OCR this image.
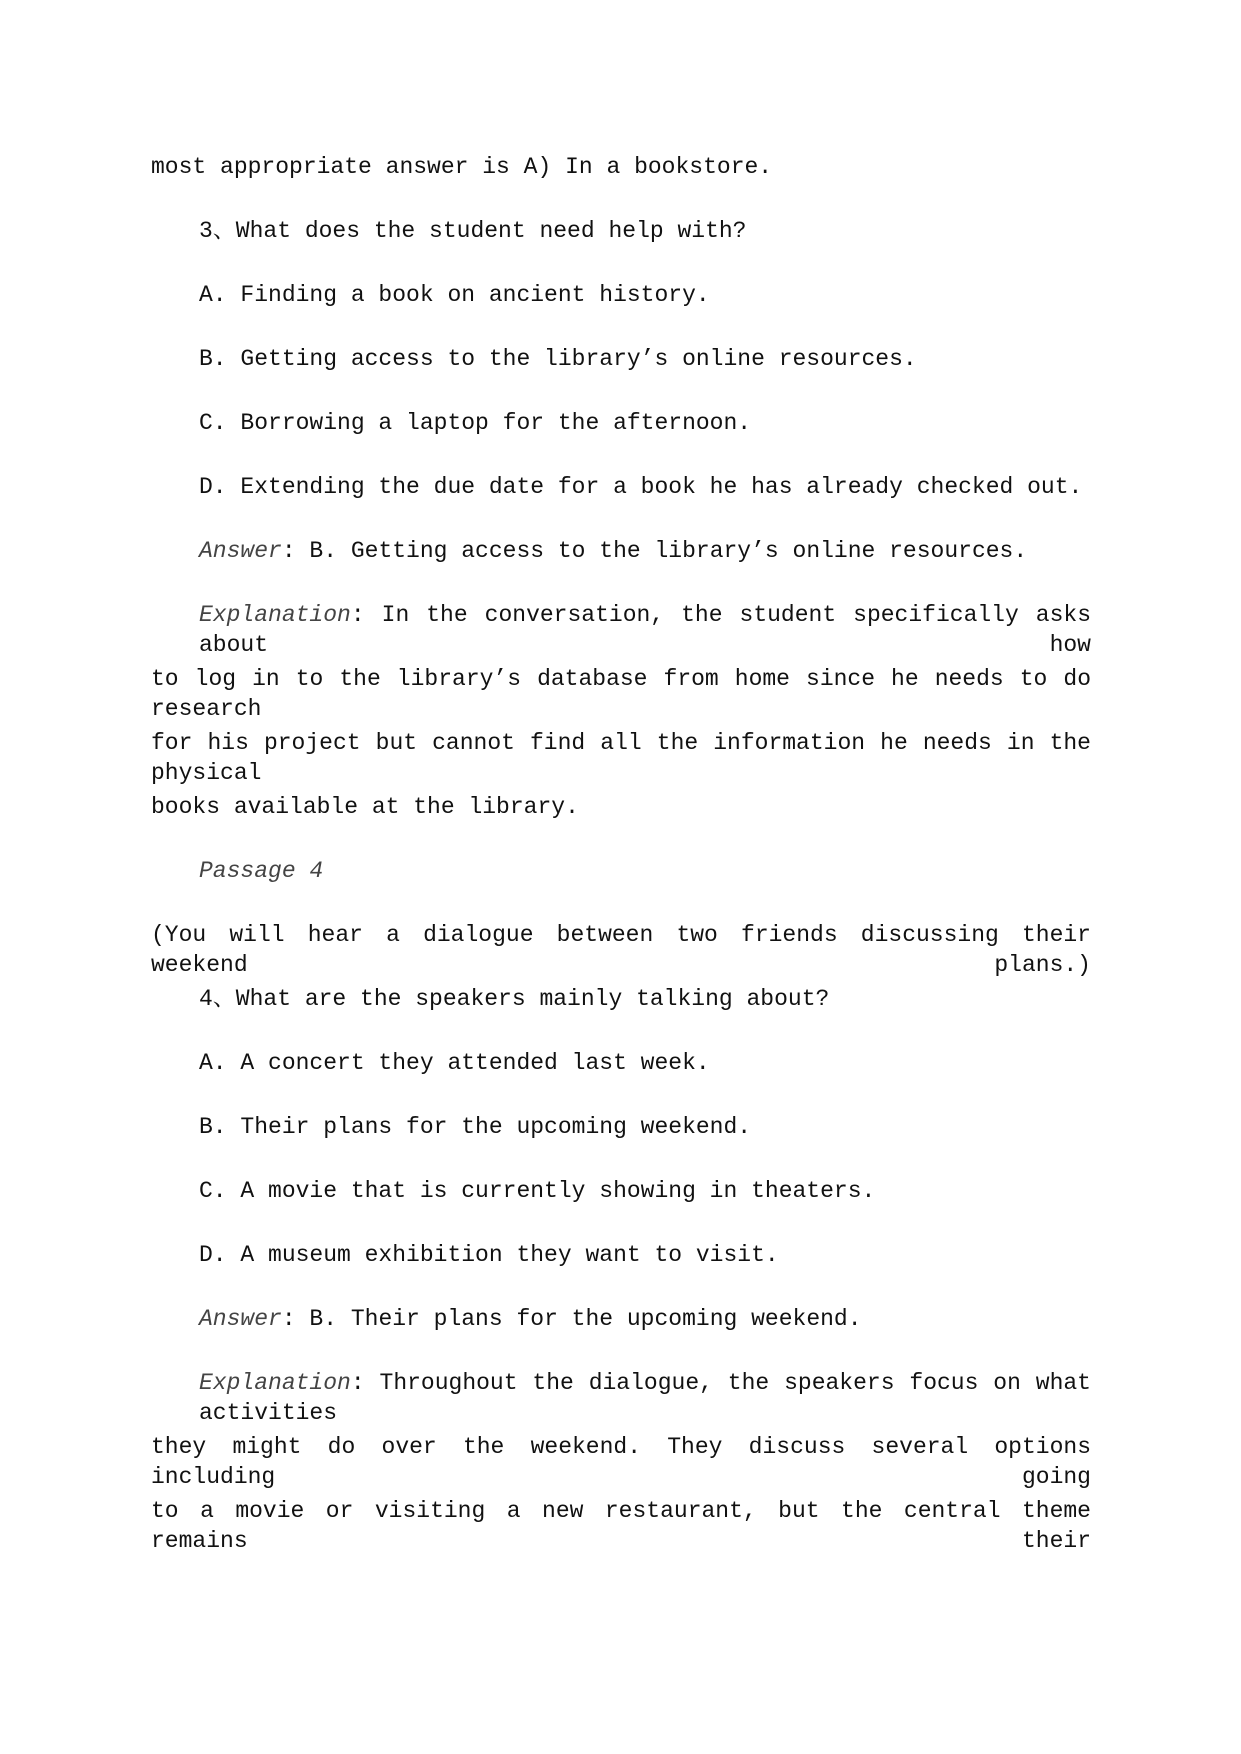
most appropriate answer is A) In a bookstore.

3、What does the student need help with?

A. Finding a book on ancient history.

B. Getting access to the library’s online resources.

C. Borrowing a laptop for the afternoon.

D. Extending the due date for a book he has already checked out.

Answer: B. Getting access to the library’s online resources.

Explanation: In the conversation, the student specifically asks about how

to log in to the library’s database from home since he needs to do research

for his project but cannot find all the information he needs in the physical

books available at the library.

Passage 4

(You will hear a dialogue between two friends discussing their weekend plans.)

4、What are the speakers mainly talking about?

A. A concert they attended last week.

B. Their plans for the upcoming weekend.

C. A movie that is currently showing in theaters.

D. A museum exhibition they want to visit.

Answer: B. Their plans for the upcoming weekend.

Explanation: Throughout the dialogue, the speakers focus on what activities

they might do over the weekend. They discuss several options including going

to a movie or visiting a new restaurant, but the central theme remains their
